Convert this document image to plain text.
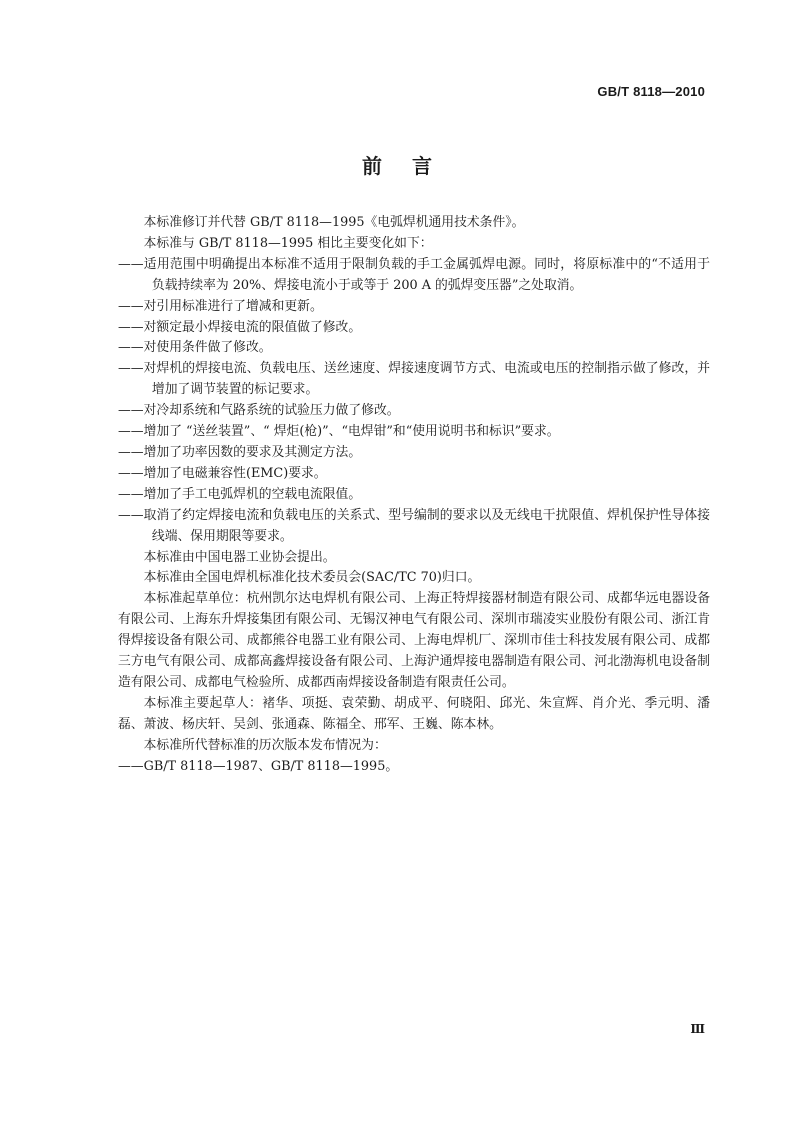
GB/T 8118—2010
前言

本标准修订并代替 GB/T 8118—1995《电弧焊机通用技术条件》。

本标准与 GB/T 8118—1995 相比主要变化如下：

——适用范围中明确提出本标准不适用于限制负载的手工金属弧焊电源。同时，将原标准中的“不适用于负载持续率为 20%、焊接电流小于或等于 200 A 的弧焊变压器”之处取消。

——对引用标准进行了增减和更新。

——对额定最小焊接电流的限值做了修改。

——对使用条件做了修改。

——对焊机的焊接电流、负载电压、送丝速度、焊接速度调节方式、电流或电压的控制指示做了修改，并增加了调节装置的标记要求。

——对冷却系统和气路系统的试验压力做了修改。

——增加了 “送丝装置”、“ 焊炬(枪)”、“电焊钳”和“使用说明书和标识”要求。

——增加了功率因数的要求及其测定方法。

——增加了电磁兼容性(EMC)要求。

——增加了手工电弧焊机的空载电流限值。

——取消了约定焊接电流和负载电压的关系式、型号编制的要求以及无线电干扰限值、焊机保护性导体接线端、保用期限等要求。

本标准由中国电器工业协会提出。

本标准由全国电焊机标准化技术委员会(SAC/TC 70)归口。

本标准起草单位：杭州凯尔达电焊机有限公司、上海正特焊接器材制造有限公司、成都华远电器设备有限公司、上海东升焊接集团有限公司、无锡汉神电气有限公司、深圳市瑞凌实业股份有限公司、浙江肯得焊接设备有限公司、成都熊谷电器工业有限公司、上海电焊机厂、深圳市佳士科技发展有限公司、成都三方电气有限公司、成都高鑫焊接设备有限公司、上海沪通焊接电器制造有限公司、河北渤海机电设备制造有限公司、成都电气检验所、成都西南焊接设备制造有限责任公司。

本标准主要起草人：褚华、项挺、袁荣勤、胡成平、何晓阳、邱光、朱宣辉、肖介光、季元明、潘磊、萧波、杨庆轩、吴剑、张通森、陈福全、邢军、王巍、陈本林。

本标准所代替标准的历次版本发布情况为：

——GB/T 8118—1987、GB/T 8118—1995。

Ⅲ
